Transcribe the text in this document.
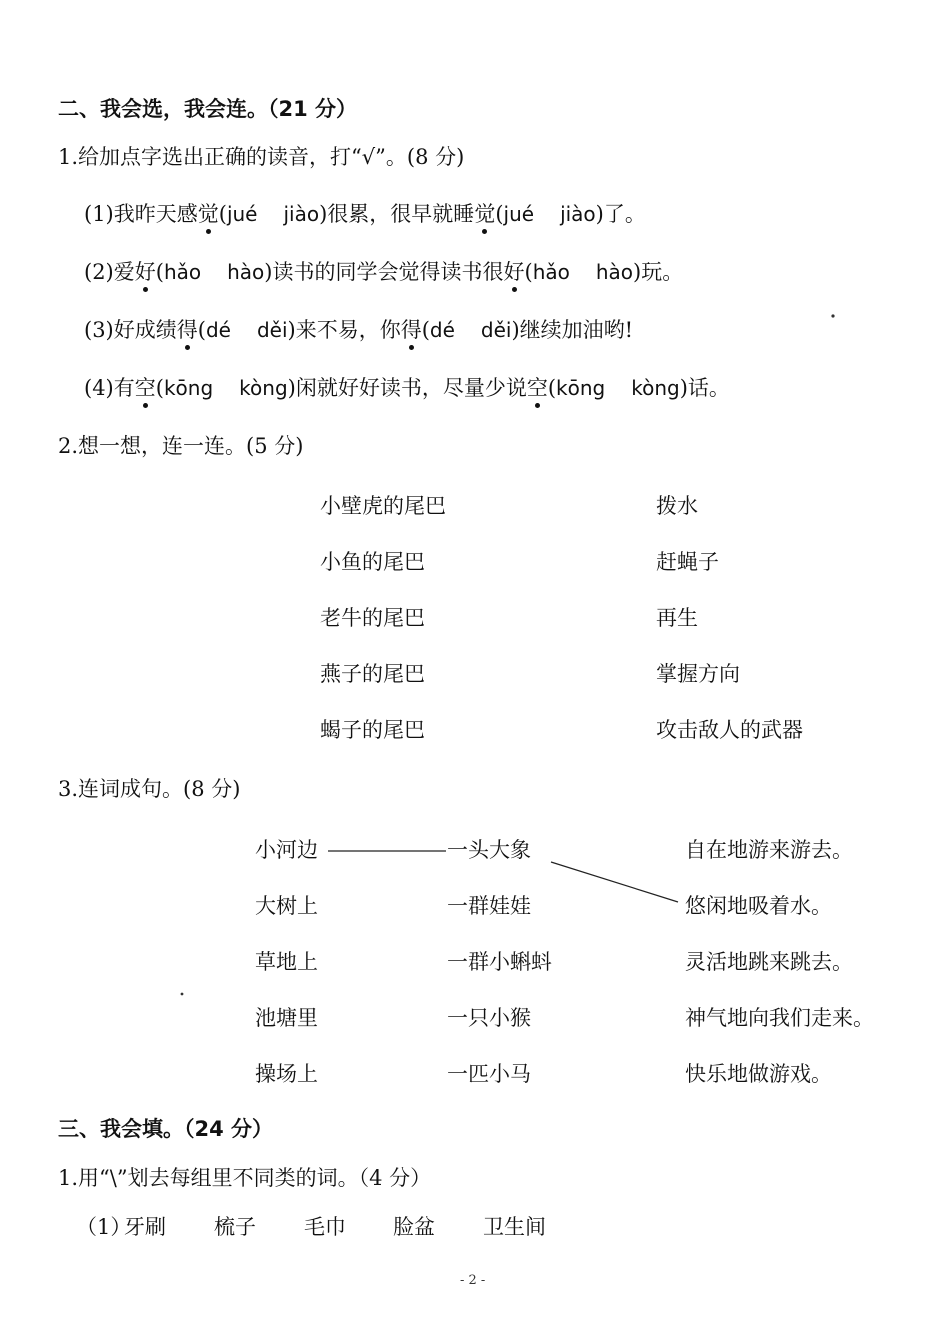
二、我会选，我会连。（21 分）
1.给加点字选出正确的读音，打“√”。(8 分)
(1)我昨天感觉(jué jiào)很累，很早就睡觉(jué jiào)了。
(2)爱好(hǎo hào)读书的同学会觉得读书很好(hǎo hào)玩。
(3)好成绩得(dé děi)来不易，你得(dé děi)继续加油哟!
(4)有空(kōng kòng)闲就好好读书，尽量少说空(kōng kòng)话。
2.想一想，连一连。(5 分)
小壁虎的尾巴
小鱼的尾巴
老牛的尾巴
燕子的尾巴
蝎子的尾巴
拨水
赶蝇子
再生
掌握方向
攻击敌人的武器
3.连词成句。(8 分)
小河边
大树上
草地上
池塘里
操场上
一头大象
一群娃娃
一群小蝌蚪
一只小猴
一匹小马
自在地游来游去。
悠闲地吸着水。
灵活地跳来跳去。
神气地向我们走来。
快乐地做游戏。
三、我会填。（24 分）
1.用“\”划去每组里不同类的词。（4 分）
（1）
牙刷 梳子 毛巾 脸盆 卫生间
- 2 -
